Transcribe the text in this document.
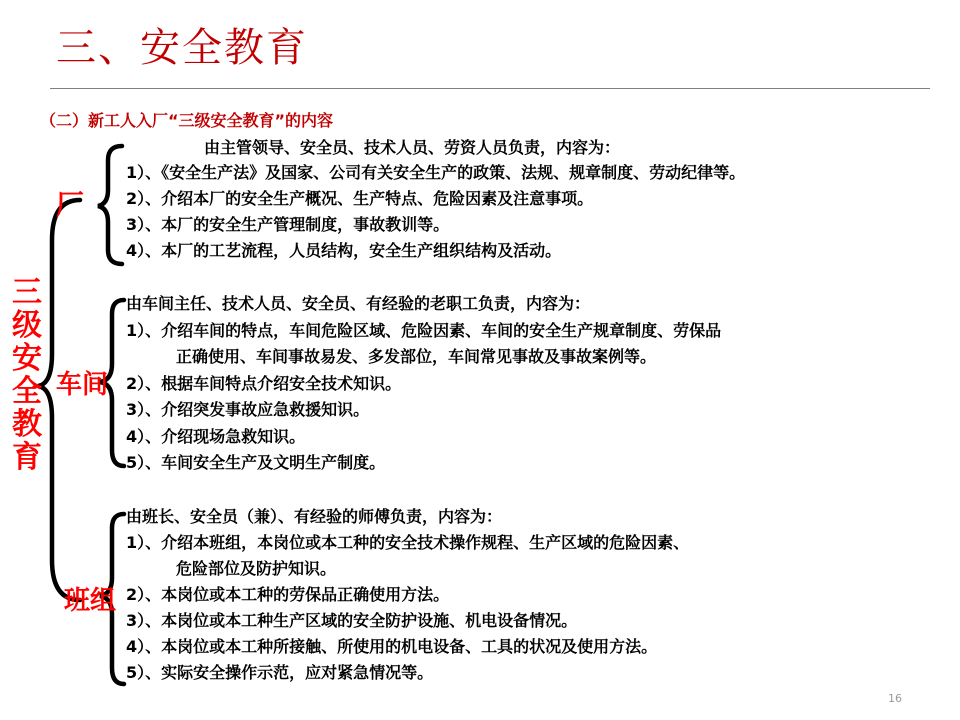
三、安全教育
（二）新工人入厂“三级安全教育”的内容
三
级
安
全
教
育
厂
车间
班组
由主管领导、安全员、技术人员、劳资人员负责，内容为：
1）、《安全生产法》及国家、公司有关安全生产的政策、法规、规章制度、劳动纪律等。
2）、介绍本厂的安全生产概况、生产特点、危险因素及注意事项。
3）、本厂的安全生产管理制度，事故教训等。
4）、本厂的工艺流程，人员结构，安全生产组织结构及活动。
由车间主任、技术人员、安全员、有经验的老职工负责，内容为：
1）、介绍车间的特点，车间危险区域、危险因素、车间的安全生产规章制度、劳保品
正确使用、车间事故易发、多发部位，车间常见事故及事故案例等。
2）、根据车间特点介绍安全技术知识。
3）、介绍突发事故应急救援知识。
4）、介绍现场急救知识。
5）、车间安全生产及文明生产制度。
由班长、安全员（兼）、有经验的师傅负责，内容为：
1）、介绍本班组，本岗位或本工种的安全技术操作规程、生产区域的危险因素、
危险部位及防护知识。
2）、本岗位或本工种的劳保品正确使用方法。
3）、本岗位或本工种生产区域的安全防护设施、机电设备情况。
4）、本岗位或本工种所接触、所使用的机电设备、工具的状况及使用方法。
5）、实际安全操作示范，应对紧急情况等。
16
